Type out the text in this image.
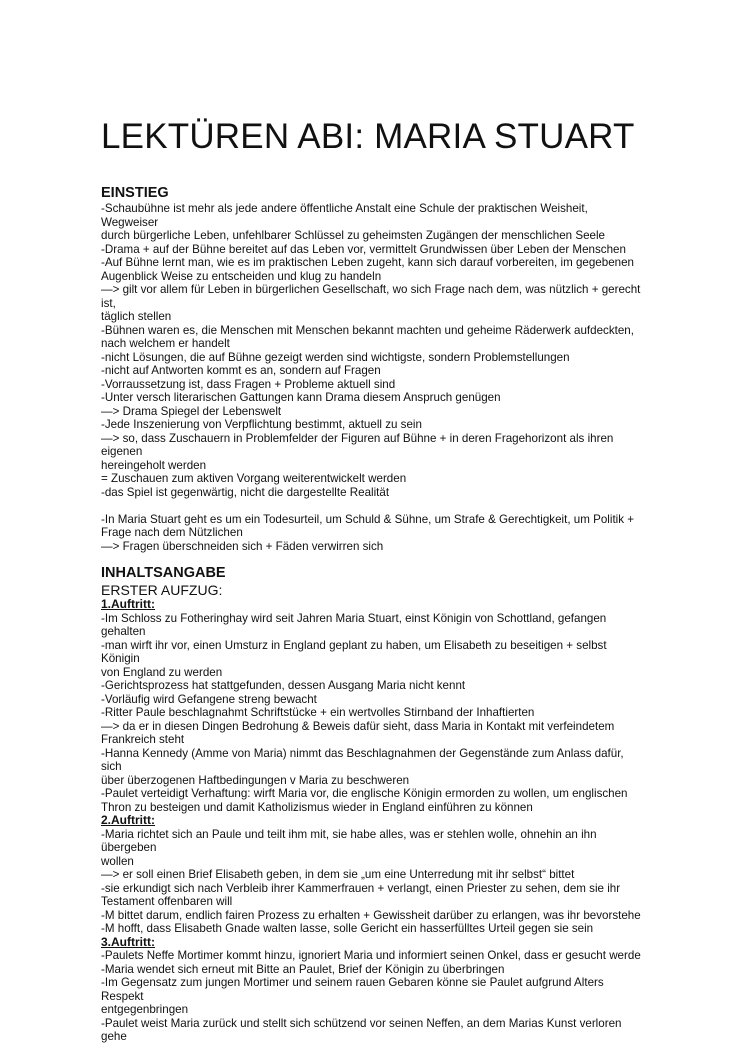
LEKTÜREN ABI: MARIA STUART
EINSTIEG

-Schaubühne ist mehr als jede andere öffentliche Anstalt eine Schule der praktischen Weisheit, Wegweiser

durch bürgerliche Leben, unfehlbarer Schlüssel zu geheimsten Zugängen der menschlichen Seele

-Drama + auf der Bühne bereitet auf das Leben vor, vermittelt Grundwissen über Leben der Menschen

-Auf Bühne lernt man, wie es im praktischen Leben zugeht, kann sich darauf vorbereiten, im gegebenen

Augenblick Weise zu entscheiden und klug zu handeln

—> gilt vor allem für Leben in bürgerlichen Gesellschaft, wo sich Frage nach dem, was nützlich + gerecht ist,

täglich stellen

-Bühnen waren es, die Menschen mit Menschen bekannt machten und geheime Räderwerk aufdeckten,

nach welchem er handelt

-nicht Lösungen, die auf Bühne gezeigt werden sind wichtigste, sondern Problemstellungen

-nicht auf Antworten kommt es an, sondern auf Fragen

-Vorraussetzung ist, dass Fragen + Probleme aktuell sind

-Unter versch literarischen Gattungen kann Drama diesem Anspruch genügen

—> Drama Spiegel der Lebenswelt

-Jede Inszenierung von Verpflichtung bestimmt, aktuell zu sein

—> so, dass Zuschauern in Problemfelder der Figuren auf Bühne + in deren Fragehorizont als ihren eigenen

hereingeholt werden

= Zuschauen zum aktiven Vorgang weiterentwickelt werden

-das Spiel ist gegenwärtig, nicht die dargestellte Realität

-In Maria Stuart geht es um ein Todesurteil, um Schuld & Sühne, um Strafe & Gerechtigkeit, um Politik +

Frage nach dem Nützlichen

—> Fragen überschneiden sich + Fäden verwirren sich

INHALTSANGABE
ERSTER AUFZUG:
1.Auftritt:

-Im Schloss zu Fotheringhay wird seit Jahren Maria Stuart, einst Königin von Schottland, gefangen gehalten

-man wirft ihr vor, einen Umsturz in England geplant zu haben, um Elisabeth zu beseitigen + selbst Königin

von England zu werden

-Gerichtsprozess hat stattgefunden, dessen Ausgang Maria nicht kennt

-Vorläufig wird Gefangene streng bewacht

-Ritter Paule beschlagnahmt Schriftstücke + ein wertvolles Stirnband der Inhaftierten

—> da er in diesen Dingen Bedrohung & Beweis dafür sieht, dass Maria in Kontakt mit verfeindetem

Frankreich steht

-Hanna Kennedy (Amme von Maria) nimmt das Beschlagnahmen der Gegenstände zum Anlass dafür, sich

über überzogenen Haftbedingungen v Maria zu beschweren

-Paulet verteidigt Verhaftung: wirft Maria vor, die englische Königin ermorden zu wollen, um englischen

Thron zu besteigen und damit Katholizismus wieder in England einführen zu können

2.Auftritt:

-Maria richtet sich an Paule und teilt ihm mit, sie habe alles, was er stehlen wolle, ohnehin an ihn übergeben

wollen

—> er soll einen Brief Elisabeth geben, in dem sie „um eine Unterredung mit ihr selbst“ bittet

-sie erkundigt sich nach Verbleib ihrer Kammerfrauen + verlangt, einen Priester zu sehen, dem sie ihr

Testament offenbaren will

-M bittet darum, endlich fairen Prozess zu erhalten + Gewissheit darüber zu erlangen, was ihr bevorstehe

-M hofft, dass Elisabeth Gnade walten lasse, solle Gericht ein hasserfülltes Urteil gegen sie sein

3.Auftritt:

-Paulets Neffe Mortimer kommt hinzu, ignoriert Maria und informiert seinen Onkel, dass er gesucht werde

-Maria wendet sich erneut mit Bitte an Paulet, Brief der Königin zu überbringen

-Im Gegensatz zum jungen Mortimer und seinem rauen Gebaren könne sie Paulet aufgrund Alters Respekt

entgegenbringen

-Paulet weist Maria zurück und stellt sich schützend vor seinen Neffen, an dem Marias Kunst verloren gehe
